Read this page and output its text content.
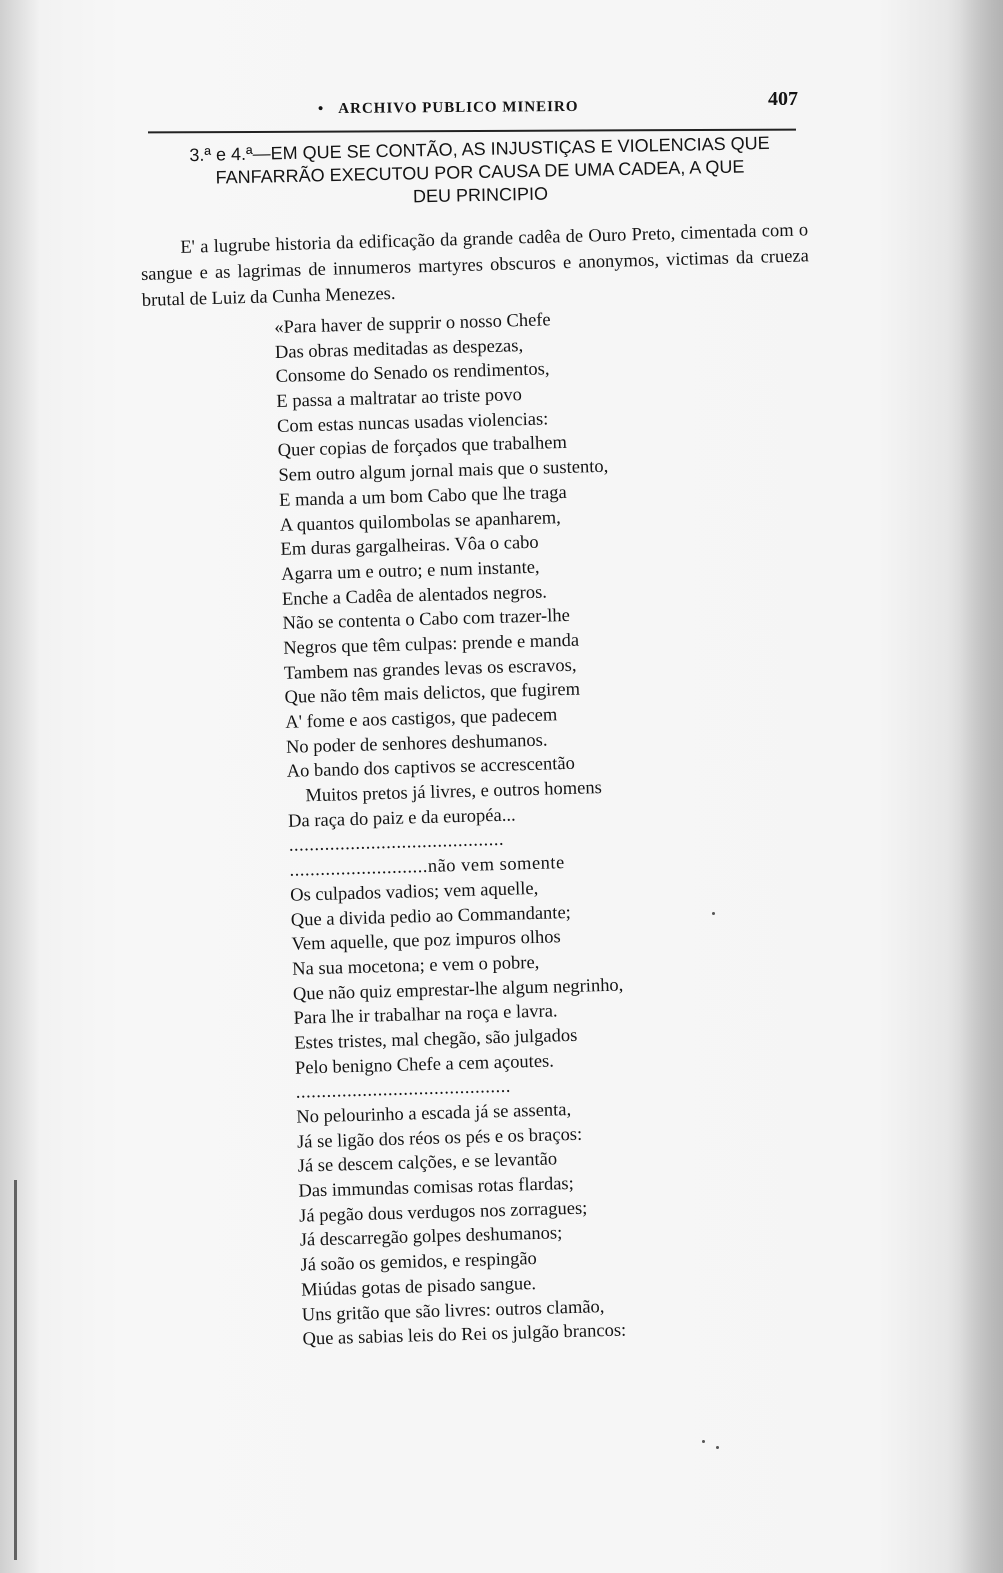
• ARCHIVO PUBLICO MINEIRO	407
3.ª e 4.ª—EM QUE SE CONTÃO, AS INJUSTIÇAS E VIOLENCIAS QUE
FANFARRÃO EXECUTOU POR CAUSA DE UMA CADEA, A QUE
DEU PRINCIPIO

E' a lugrube historia da edificação da grande cadêa de Ouro Preto, cimentada com o sangue e as lagrimas de innumeros martyres obscuros e anonymos, victimas da crueza brutal de Luiz da Cunha Menezes.

«Para haver de supprir o nosso Chefe
Das obras meditadas as despezas,
Consome do Senado os rendimentos,
E passa a maltratar ao triste povo
Com estas nuncas usadas violencias:
Quer copias de forçados que trabalhem
Sem outro algum jornal mais que o sustento,
E manda a um bom Cabo que lhe traga
A quantos quilombolas se apanharem,
Em duras gargalheiras. Vôa o cabo
Agarra um e outro; e num instante,
Enche a Cadêa de alentados negros.
Não se contenta o Cabo com trazer-lhe
Negros que têm culpas: prende e manda
Tambem nas grandes levas os escravos,
Que não têm mais delictos, que fugirem
A' fome e aos castigos, que padecem
No poder de senhores deshumanos.
Ao bando dos captivos se accrescentão
Muitos pretos já livres, e outros homens
Da raça do paiz e da européa...
..........................................
...........................não vem somente
Os culpados vadios; vem aquelle,
Que a divida pedio ao Commandante;
Vem aquelle, que poz impuros olhos
Na sua mocetona; e vem o pobre,
Que não quiz emprestar-lhe algum negrinho,
Para lhe ir trabalhar na roça e lavra.
Estes tristes, mal chegão, são julgados
Pelo benigno Chefe a cem açoutes.
..........................................
No pelourinho a escada já se assenta,
Já se ligão dos réos os pés e os braços:
Já se descem calções, e se levantão
Das immundas comisas rotas flardas;
Já pegão dous verdugos nos zorragues;
Já descarregão golpes deshumanos;
Já soão os gemidos, e respingão
Miúdas gotas de pisado sangue.
Uns gritão que são livres: outros clamão,
Que as sabias leis do Rei os julgão brancos:
